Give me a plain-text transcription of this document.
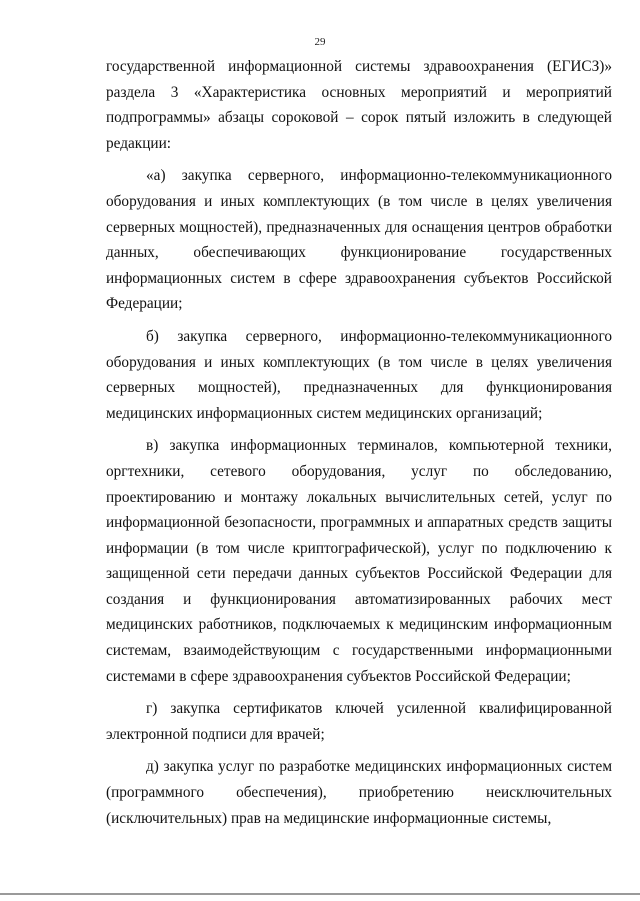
29

государственной информационной системы здравоохранения (ЕГИСЗ)» раздела 3 «Характеристика основных мероприятий и мероприятий подпрограммы» абзацы сороковой – сорок пятый изложить в следующей редакции:

«а) закупка серверного, информационно-телекоммуникационного оборудования и иных комплектующих (в том числе в целях увеличения серверных мощностей), предназначенных для оснащения центров обработки данных, обеспечивающих функционирование государственных информационных систем в сфере здравоохранения субъектов Российской Федерации;

б) закупка серверного, информационно-телекоммуникационного оборудования и иных комплектующих (в том числе в целях увеличения серверных мощностей), предназначенных для функционирования медицинских информационных систем медицинских организаций;

в) закупка информационных терминалов, компьютерной техники, оргтехники, сетевого оборудования, услуг по обследованию, проектированию и монтажу локальных вычислительных сетей, услуг по информационной безопасности, программных и аппаратных средств защиты информации (в том числе криптографической), услуг по подключению к защищенной сети передачи данных субъектов Российской Федерации для создания и функционирования автоматизированных рабочих мест медицинских работников, подключаемых к медицинским информационным системам, взаимодействующим с государственными информационными системами в сфере здравоохранения субъектов Российской Федерации;

г) закупка сертификатов ключей усиленной квалифицированной электронной подписи для врачей;

д) закупка услуг по разработке медицинских информационных систем (программного обеспечения), приобретению неисключительных (исключительных) прав на медицинские информационные системы,
